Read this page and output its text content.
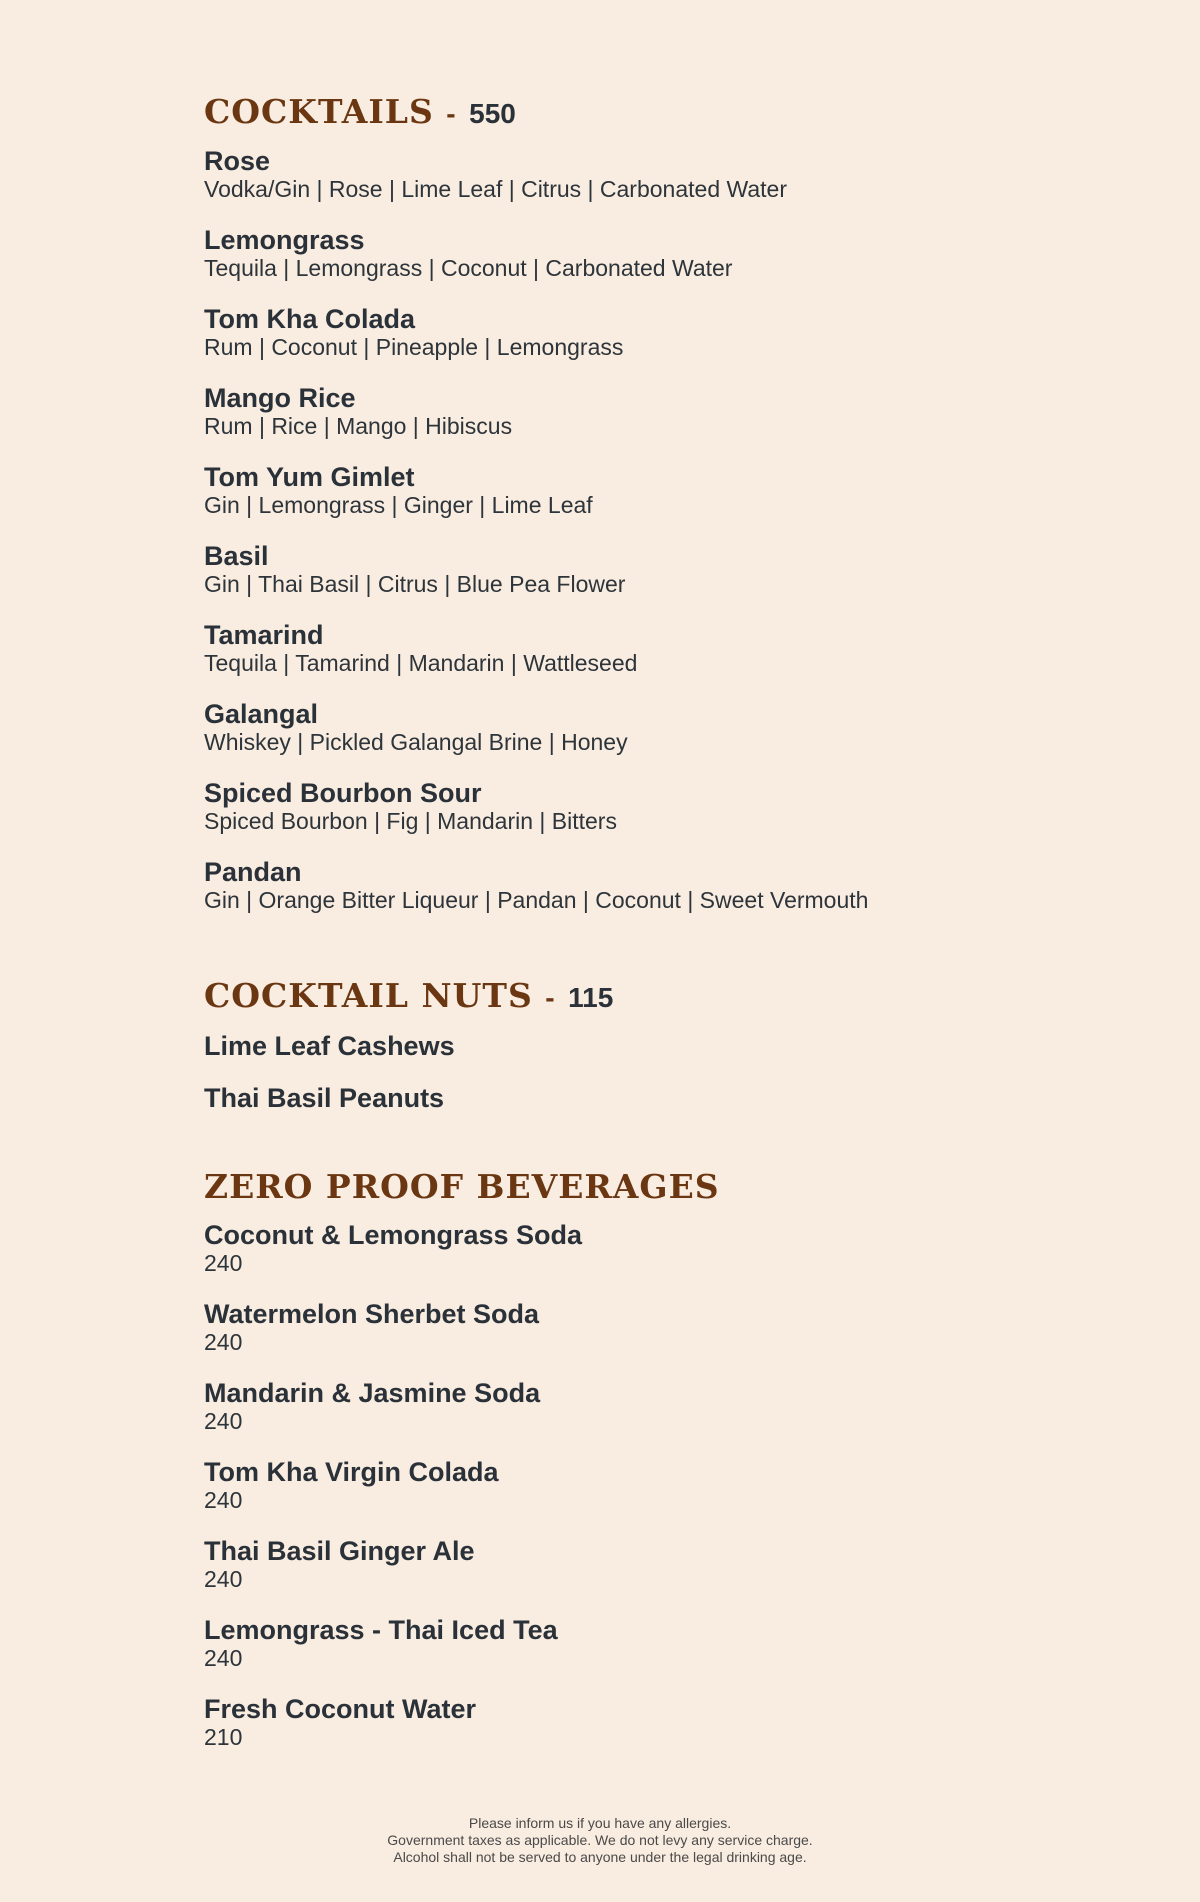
COCKTAILS - 550
Rose
Vodka/Gin | Rose | Lime Leaf | Citrus | Carbonated Water
Lemongrass
Tequila | Lemongrass | Coconut | Carbonated Water
Tom Kha Colada
Rum | Coconut | Pineapple | Lemongrass
Mango Rice
Rum | Rice | Mango | Hibiscus
Tom Yum Gimlet
Gin | Lemongrass | Ginger | Lime Leaf
Basil
Gin | Thai Basil | Citrus | Blue Pea Flower
Tamarind
Tequila | Tamarind | Mandarin | Wattleseed
Galangal
Whiskey | Pickled Galangal Brine | Honey
Spiced Bourbon Sour
Spiced Bourbon | Fig | Mandarin | Bitters
Pandan
Gin | Orange Bitter Liqueur | Pandan | Coconut | Sweet Vermouth
COCKTAIL NUTS - 115
Lime Leaf Cashews
Thai Basil Peanuts
ZERO PROOF BEVERAGES
Coconut & Lemongrass Soda
240
Watermelon Sherbet Soda
240
Mandarin & Jasmine Soda
240
Tom Kha Virgin Colada
240
Thai Basil Ginger Ale
240
Lemongrass - Thai Iced Tea
240
Fresh Coconut Water
210
Please inform us if you have any allergies.
Government taxes as applicable. We do not levy any service charge.
Alcohol shall not be served to anyone under the legal drinking age.
